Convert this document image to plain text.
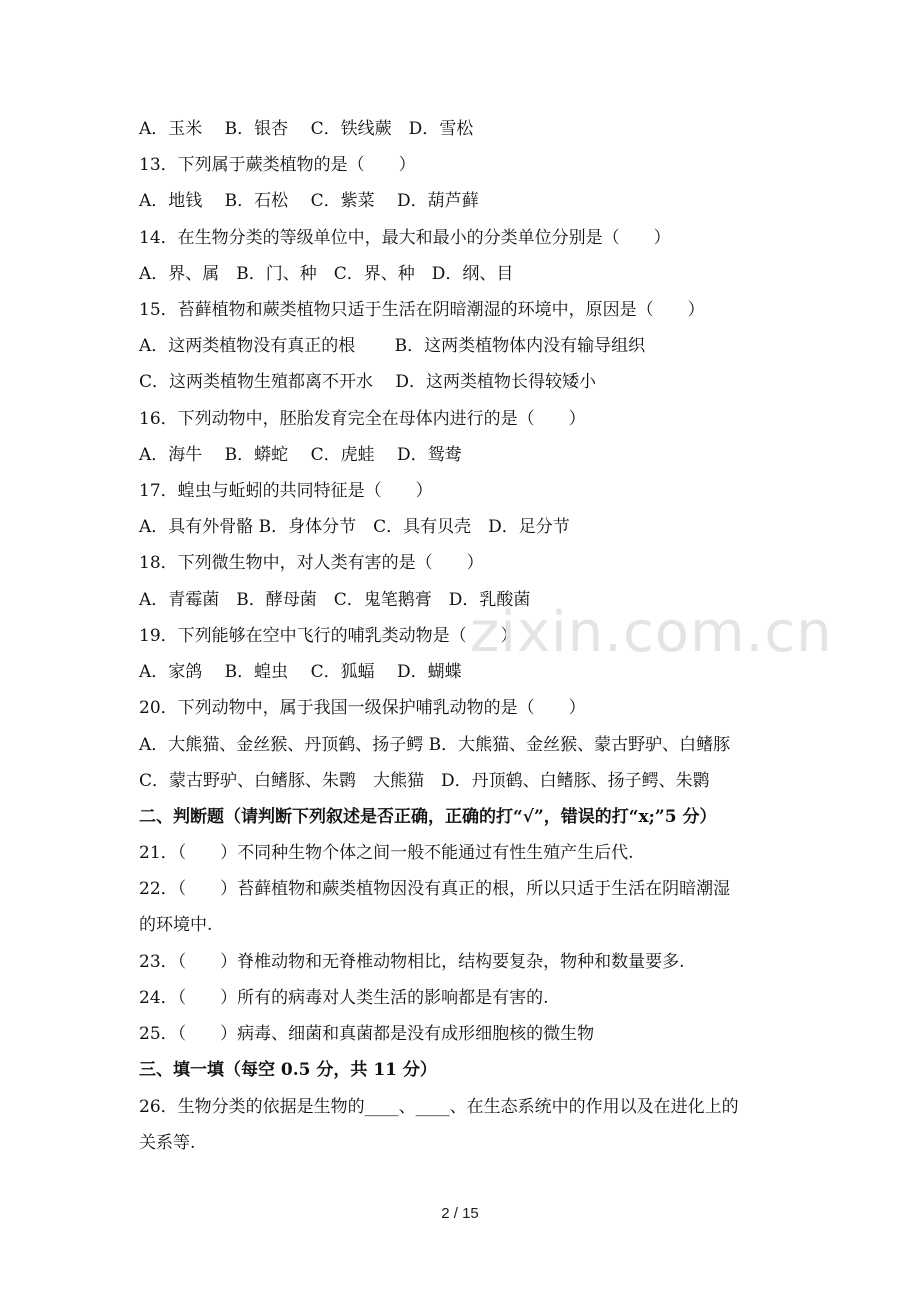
A．玉米　 B．银杏　 C．铁线蕨　D．雪松
13．下列属于蕨类植物的是（　　）
A．地钱　 B．石松　 C．紫菜　 D．葫芦藓
14．在生物分类的等级单位中，最大和最小的分类单位分别是（　　）
A．界、属　B．门、种　C．界、种　D．纲、目
15．苔藓植物和蕨类植物只适于生活在阴暗潮湿的环境中，原因是（　　）
A．这两类植物没有真正的根　　 B．这两类植物体内没有输导组织
C．这两类植物生殖都离不开水　 D．这两类植物长得较矮小
16．下列动物中，胚胎发育完全在母体内进行的是（　　）
A．海牛　 B．蟒蛇　 C．虎蛙　 D．鸳鸯
17．蝗虫与蚯蚓的共同特征是（　　）
A．具有外骨骼 B．身体分节　C．具有贝壳　D．足分节
18．下列微生物中，对人类有害的是（　　）
A．青霉菌　B．酵母菌　C．鬼笔鹅膏　D．乳酸菌
19．下列能够在空中飞行的哺乳类动物是（　　）
A．家鸽　 B．蝗虫　 C．狐蝠　 D．蝴蝶
20．下列动物中，属于我国一级保护哺乳动物的是（　　）
A．大熊猫、金丝猴、丹顶鹤、扬子鳄 B．大熊猫、金丝猴、蒙古野驴、白鳍豚
C．蒙古野驴、白鳍豚、朱鹮　大熊猫　D．丹顶鹤、白鳍豚、扬子鳄、朱鹮
二、判断题（请判断下列叙述是否正确，正确的打“√”，错误的打“x;”5 分）
21．（　　）不同种生物个体之间一般不能通过有性生殖产生后代.
22．（　　）苔藓植物和蕨类植物因没有真正的根，所以只适于生活在阴暗潮湿
的环境中.
23．（　　）脊椎动物和无脊椎动物相比，结构要复杂，物种和数量要多.
24．（　　）所有的病毒对人类生活的影响都是有害的.
25．（　　）病毒、细菌和真菌都是没有成形细胞核的微生物
三、填一填（每空 0.5 分，共 11 分）
26．生物分类的依据是生物的____、____、在生态系统中的作用以及在进化上的
关系等.
zixin.com.cn
2 / 15
